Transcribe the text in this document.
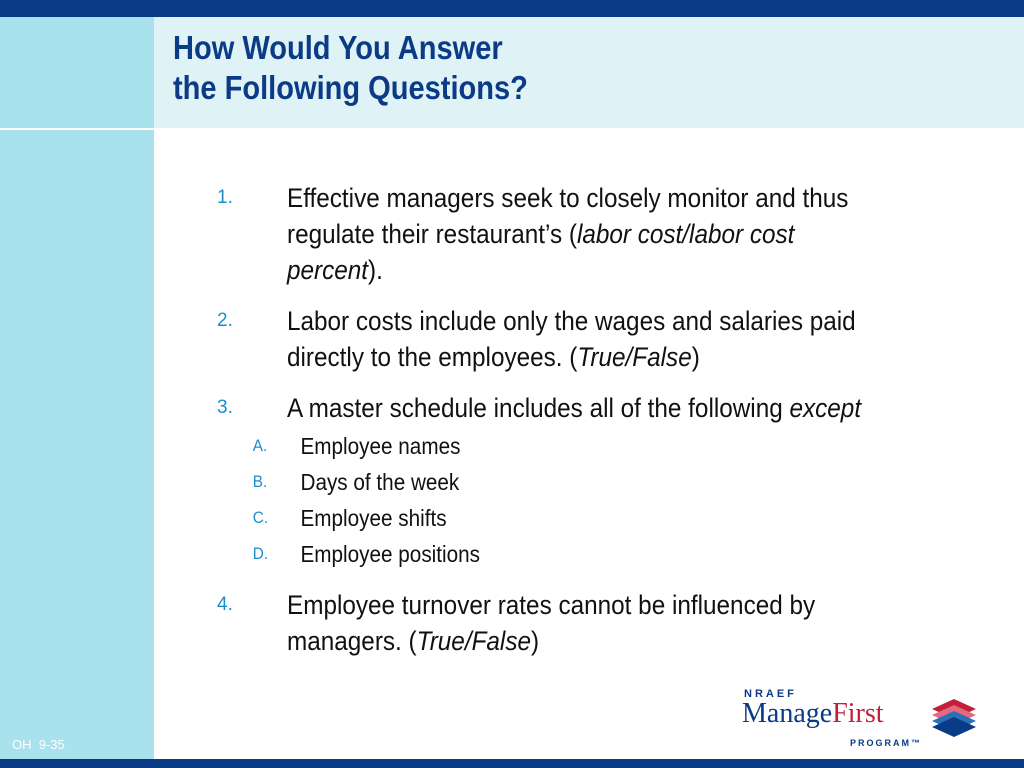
How Would You Answer
the Following Questions?
1.	Effective managers seek to closely monitor and thus
regulate their restaurant’s (labor cost/labor cost
percent).
2.	Labor costs include only the wages and salaries paid
directly to the employees. (True/False)
3.	A master schedule includes all of the following except
A.	Employee names
B.	Days of the week
C.	Employee shifts
D.	Employee positions
4.	Employee turnover rates cannot be influenced by
managers. (True/False)
OH  9-35
NRAEF
ManageFirst
PROGRAM™
